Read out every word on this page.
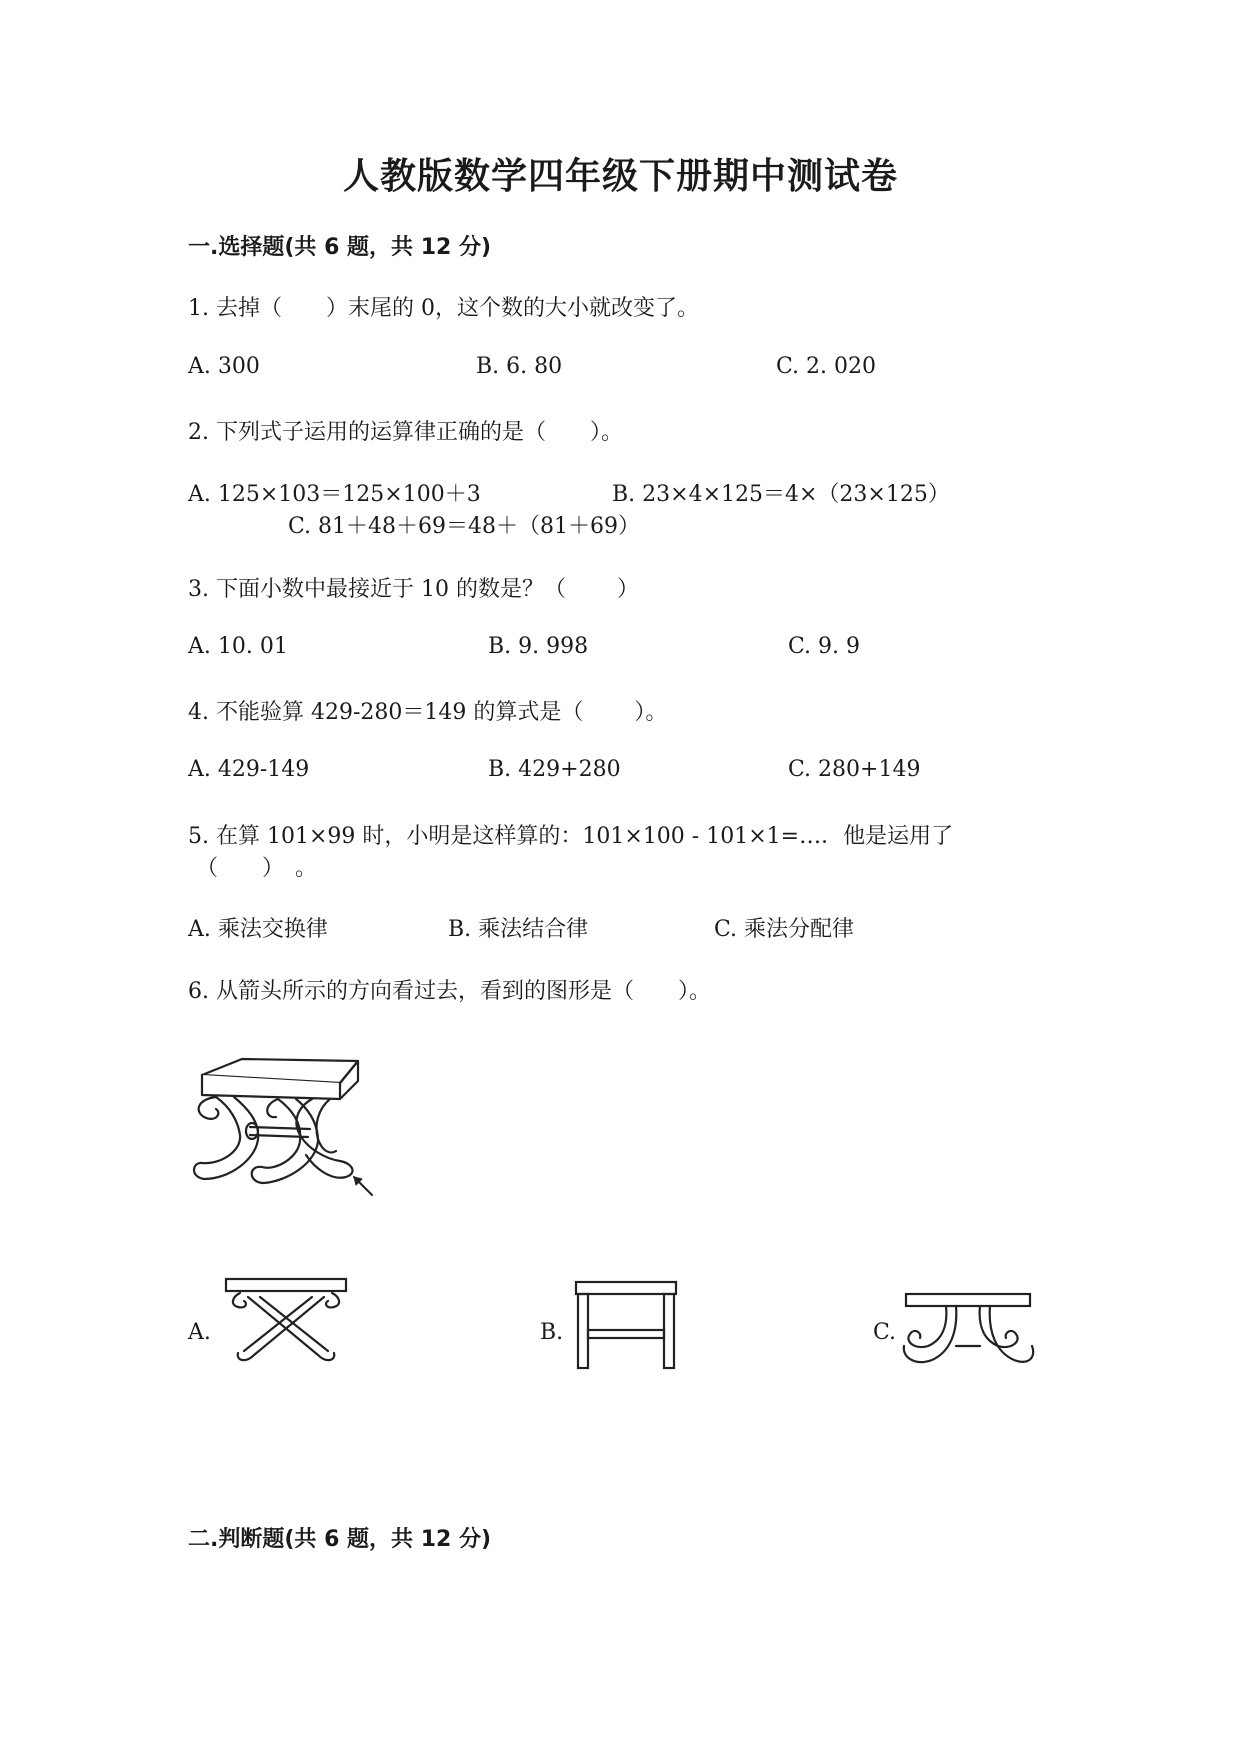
人教版数学四年级下册期中测试卷
一.选择题(共 6 题，共 12 分)
1. 去掉（　　）末尾的 0，这个数的大小就改变了。
A. 300	B. 6. 80	C. 2. 020
2. 下列式子运用的运算律正确的是（　　）。
A. 125×103＝125×100＋3	B. 23×4×125＝4×（23×125）
C. 81＋48＋69＝48＋（81＋69）
3. 下面小数中最接近于 10 的数是？（　　 ）
A. 10. 01	B. 9. 998	C. 9. 9
4. 不能验算 429-280＝149 的算式是（　　 ）。
A. 429-149	B. 429+280	C. 280+149
5. 在算 101×99 时，小明是这样算的：101×100 - 101×1=…．他是运用了
（　　）　。
A. 乘法交换律	B. 乘法结合律	C. 乘法分配律
6. 从箭头所示的方向看过去，看到的图形是（　　）。
A.	B.	C.
二.判断题(共 6 题，共 12 分)
